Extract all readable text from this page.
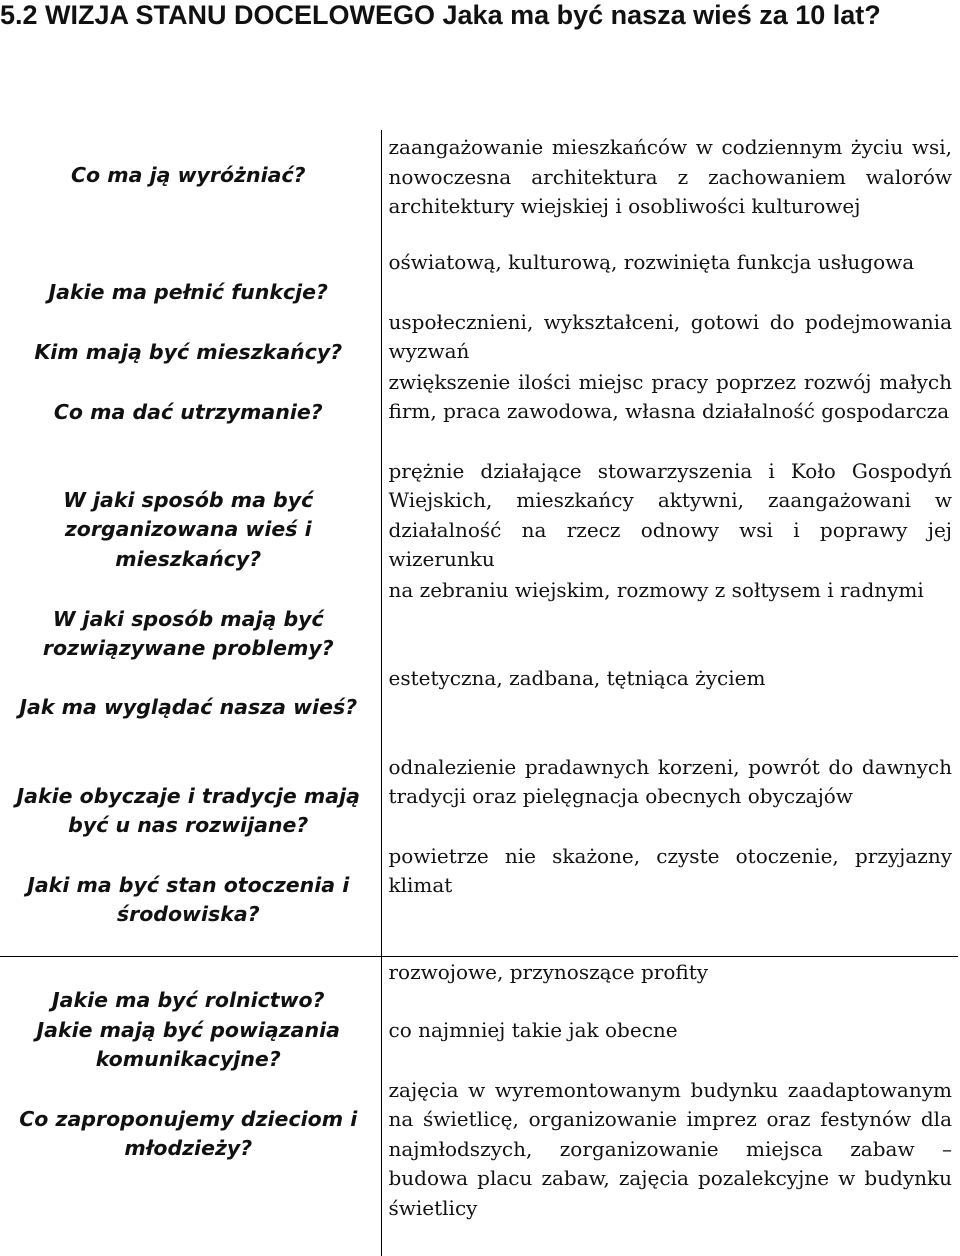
5.2 WIZJA STANU DOCELOWEGO Jaka ma być nasza wieś za 10 lat?
Co ma ją wyróżniać?	zaangażowanie mieszkańców w codziennym życiu wsi, nowoczesna architektura z zachowaniem walorów architektury wiejskiej i osobliwości kulturowej
Jakie ma pełnić funkcje?	oświatową, kulturową, rozwinięta funkcja usługowa
Kim mają być mieszkańcy?	uspołecznieni, wykształceni, gotowi do podejmowania wyzwań
Co ma dać utrzymanie?	zwiększenie ilości miejsc pracy poprzez rozwój małych firm, praca zawodowa, własna działalność gospodarcza
W jaki sposób ma być zorganizowana wieś i mieszkańcy?	prężnie działające stowarzyszenia i Koło Gospodyń Wiejskich, mieszkańcy aktywni, zaangażowani w działalność na rzecz odnowy wsi i poprawy jej wizerunku
W jaki sposób mają być rozwiązywane problemy?	na zebraniu wiejskim, rozmowy z sołtysem i radnymi
Jak ma wyglądać nasza wieś?	estetyczna, zadbana, tętniąca życiem
Jakie obyczaje i tradycje mają być u nas rozwijane?	odnalezienie pradawnych korzeni, powrót do dawnych tradycji oraz pielęgnacja obecnych obyczajów
Jaki ma być stan otoczenia i środowiska?	powietrze nie skażone, czyste otoczenie, przyjazny klimat
Jakie ma być rolnictwo?	rozwojowe, przynoszące profity
Jakie mają być powiązania komunikacyjne?	co najmniej takie jak obecne
Co zaproponujemy dzieciom i młodzieży?	zajęcia w wyremontowanym budynku zaadaptowanym na świetlicę, organizowanie imprez oraz festynów dla najmłodszych, zorganizowanie miejsca zabaw – budowa placu zabaw, zajęcia pozalekcyjne w budynku świetlicy
